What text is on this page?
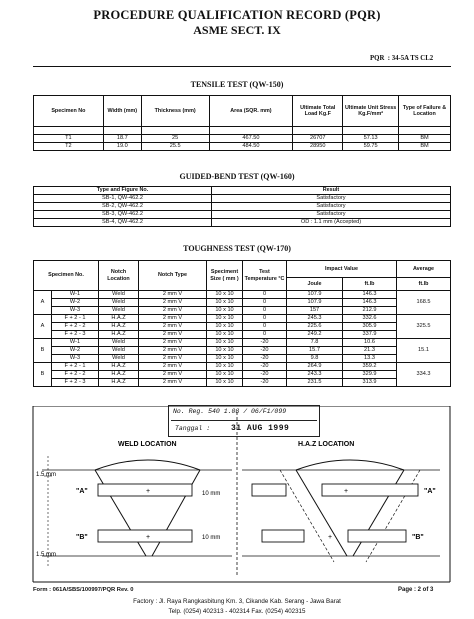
PROCEDURE QUALIFICATION RECORD (PQR)
ASME SECT. IX
PQR : 34-5A TS CL2
TENSILE TEST (QW-150)
Specimen No	Width (mm)	Thickness (mm)	Area (SQR. mm)	Ultimate Total Load Kg.F	Ultimate Unit Stress Kg.F/mm²	Type of Failure & Location

T1	18.7	25	467.50	26707	57.13	BM
T2	19.0	25.5	484.50	28950	59.75	BM
GUIDED-BEND TEST (QW-160)
Type and Figure No.	Result
SB-1, QW-462.2	Satisfactory
SB-2, QW-462.2	Satisfactory
SB-3, QW-462.2	Satisfactory
SB-4, QW-462.2	OD : 1.1 mm (Accepted)
TOUGHNESS TEST (QW-170)
Specimen No.		Notch Location	Notch Type	Speciment Size ( mm )	Test Temperature °C	Impact Value		Average
						Joule	ft.lb	ft.lb
A	W-1	Weld	2 mm V	10 x 10	0	107.9	146.3	168.5
	W-2	Weld	2 mm V	10 x 10	0	107.9	146.3	
	W-3	Weld	2 mm V	10 x 10	0	157	212.9	
A	F + 2 - 1	H.A.Z	2 mm V	10 x 10	0	245.3	332.6	325.5
	F + 2 - 2	H.A.Z	2 mm V	10 x 10	0	225.6	305.9	
	F + 2 - 3	H.A.Z	2 mm V	10 x 10	0	249.2	337.9	
B	W-1	Weld	2 mm V	10 x 10	-20	7.8	10.6	15.1
	W-2	Weld	2 mm V	10 x 10	-20	15.7	21.3	
	W-3	Weld	2 mm V	10 x 10	-20	9.8	13.3	
B	F + 2 - 1	H.A.Z	2 mm V	10 x 10	-20	264.9	359.2	334.3
	F + 2 - 2	H.A.Z	2 mm V	10 x 10	-20	243.3	329.9	
	F + 2 - 3	H.A.Z	2 mm V	10 x 10	-20	231.5	313.9	
No. Reg. 540 1.08 / 06/F1/099
Tanggal :	31 AUG 1999
WELD LOCATION	H.A.Z LOCATION
1.5 mm
1.5 mm
"A"
"B"
+
+
10 mm
10 mm
"A"
"B"
+
+
Form : 061A/SBS/100997/PQR Rev. 0	Page : 2 of 3
Factory : Jl. Raya Rangkasbitung Km. 3, Cikande Kab. Serang - Jawa Barat
Telp. (0254) 402313 - 402314 Fax. (0254) 402315
